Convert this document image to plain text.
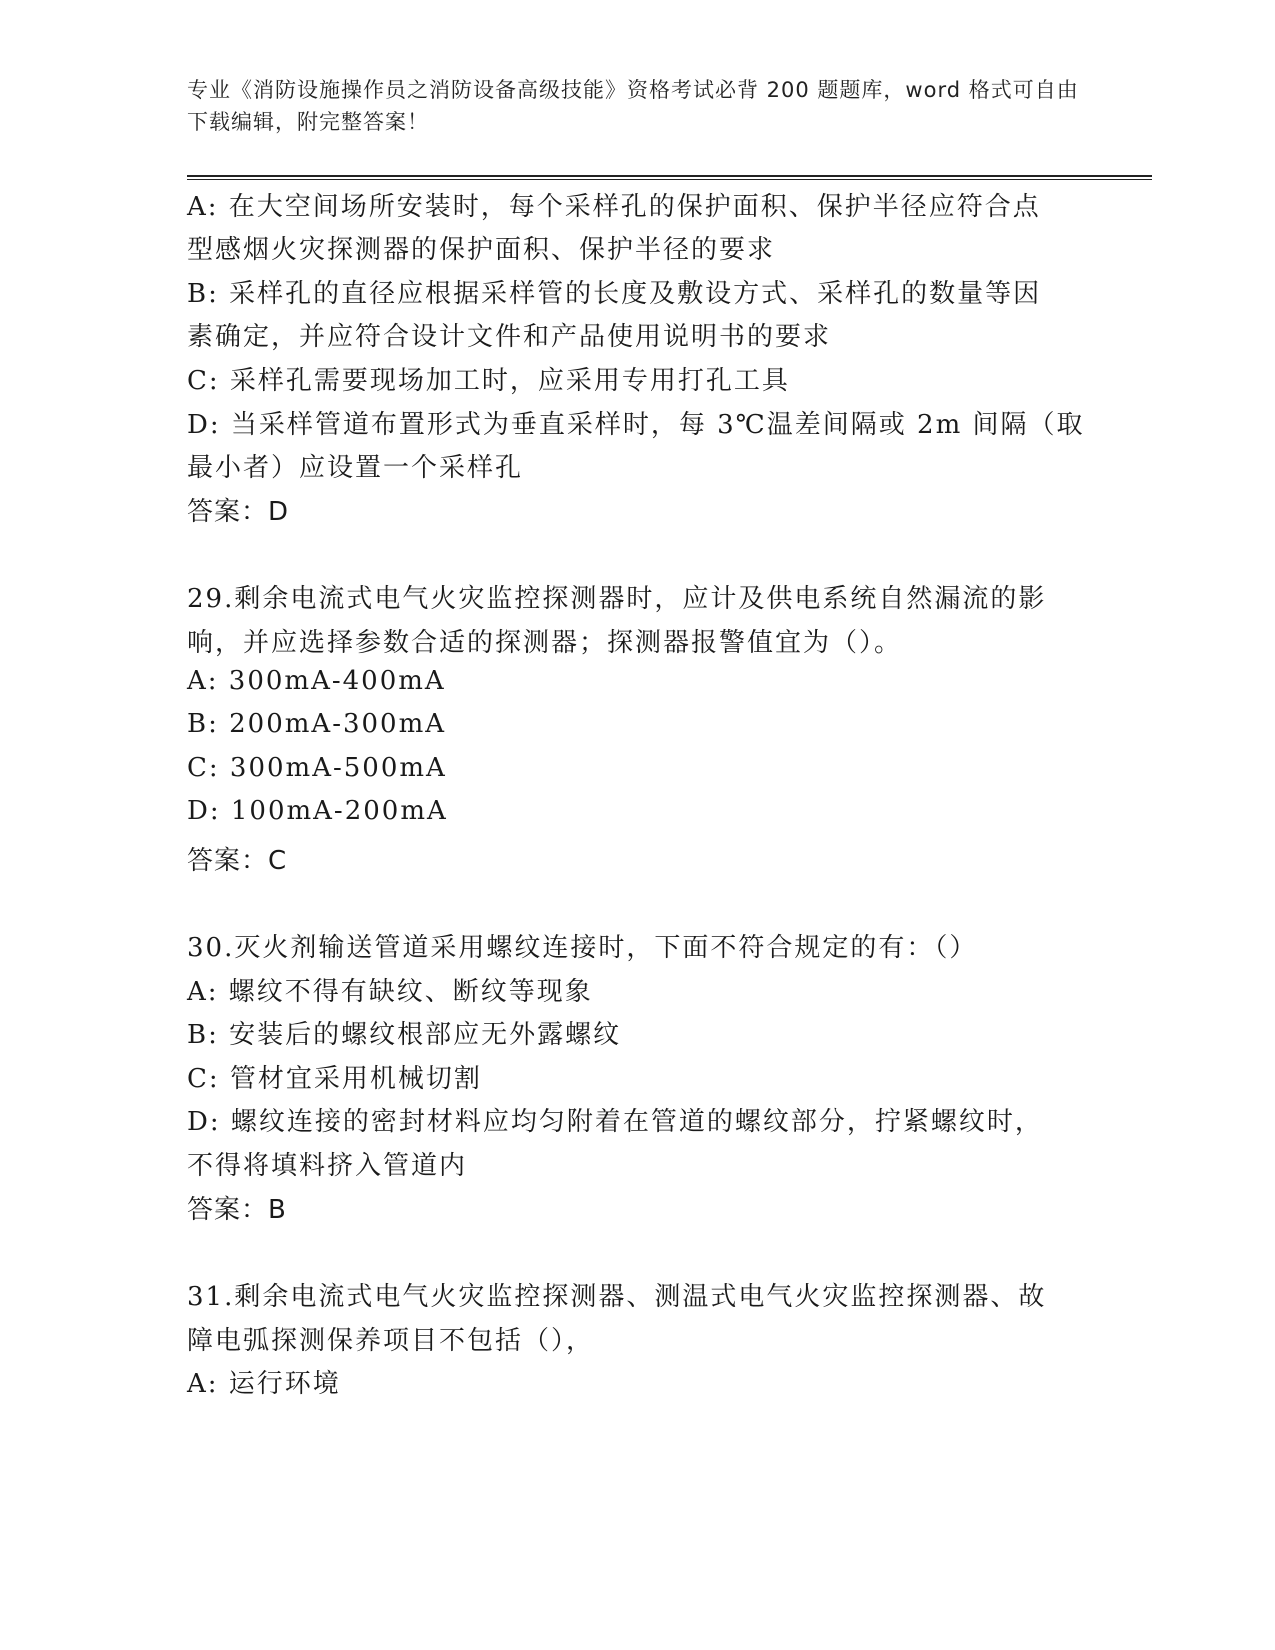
专业《消防设施操作员之消防设备高级技能》资格考试必背 200 题题库，word 格式可自由下载编辑，附完整答案！
A: 在大空间场所安装时，每个采样孔的保护面积、保护半径应符合点
型感烟火灾探测器的保护面积、保护半径的要求
B: 采样孔的直径应根据采样管的长度及敷设方式、采样孔的数量等因
素确定，并应符合设计文件和产品使用说明书的要求
C: 采样孔需要现场加工时，应采用专用打孔工具
D: 当采样管道布置形式为垂直采样时，每 3℃温差间隔或 2m 间隔（取
最小者）应设置一个采样孔
答案：D
29.剩余电流式电气火灾监控探测器时，应计及供电系统自然漏流的影
响，并应选择参数合适的探测器；探测器报警值宜为（）。
A: 300mA-400mA
B: 200mA-300mA
C: 300mA-500mA
D: 100mA-200mA
答案：C
30.灭火剂输送管道采用螺纹连接时，下面不符合规定的有：（）
A: 螺纹不得有缺纹、断纹等现象
B: 安装后的螺纹根部应无外露螺纹
C: 管材宜采用机械切割
D: 螺纹连接的密封材料应均匀附着在管道的螺纹部分，拧紧螺纹时，
不得将填料挤入管道内
答案：B
31.剩余电流式电气火灾监控探测器、测温式电气火灾监控探测器、故
障电弧探测保养项目不包括（），
A: 运行环境
